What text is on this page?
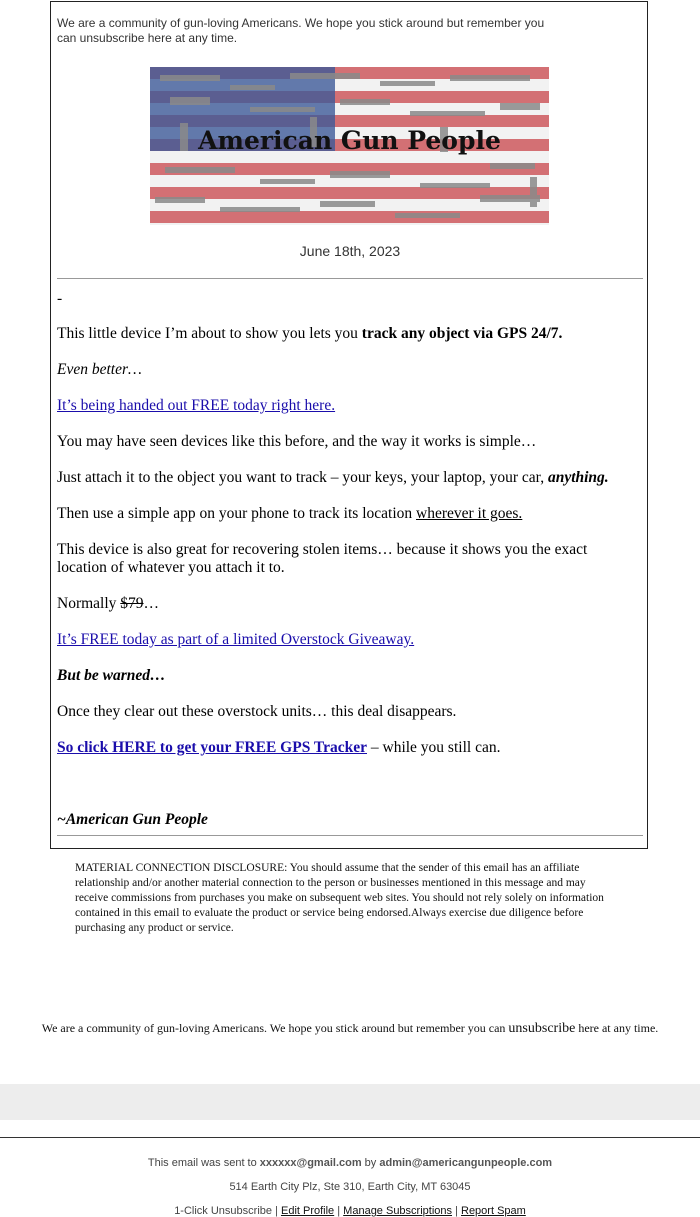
We are a community of gun-loving Americans. We hope you stick around but remember you can unsubscribe here at any time.
American Gun People
June 18th, 2023
-
This little device I’m about to show you lets you track any object via GPS 24/7.
Even better…
It’s being handed out FREE today right here.
You may have seen devices like this before, and the way it works is simple…
Just attach it to the object you want to track – your keys, your laptop, your car, anything.
Then use a simple app on your phone to track its location wherever it goes.
This device is also great for recovering stolen items… because it shows you the exact location of whatever you attach it to.
Normally $79…
It’s FREE today as part of a limited Overstock Giveaway.
But be warned…
Once they clear out these overstock units… this deal disappears.
So click HERE to get your FREE GPS Tracker – while you still can.
~American Gun People
MATERIAL CONNECTION DISCLOSURE: You should assume that the sender of this email has an affiliate relationship and/or another material connection to the person or businesses mentioned in this message and may receive commissions from purchases you make on subsequent web sites. You should not rely solely on information contained in this email to evaluate the product or service being endorsed.Always exercise due diligence before purchasing any product or service.
We are a community of gun-loving Americans. We hope you stick around but remember you can unsubscribe here at any time.
This email was sent to xxxxxx@gmail.com by admin@americangunpeople.com
514 Earth City Plz, Ste 310, Earth City, MT 63045
1-Click Unsubscribe | Edit Profile | Manage Subscriptions | Report Spam
